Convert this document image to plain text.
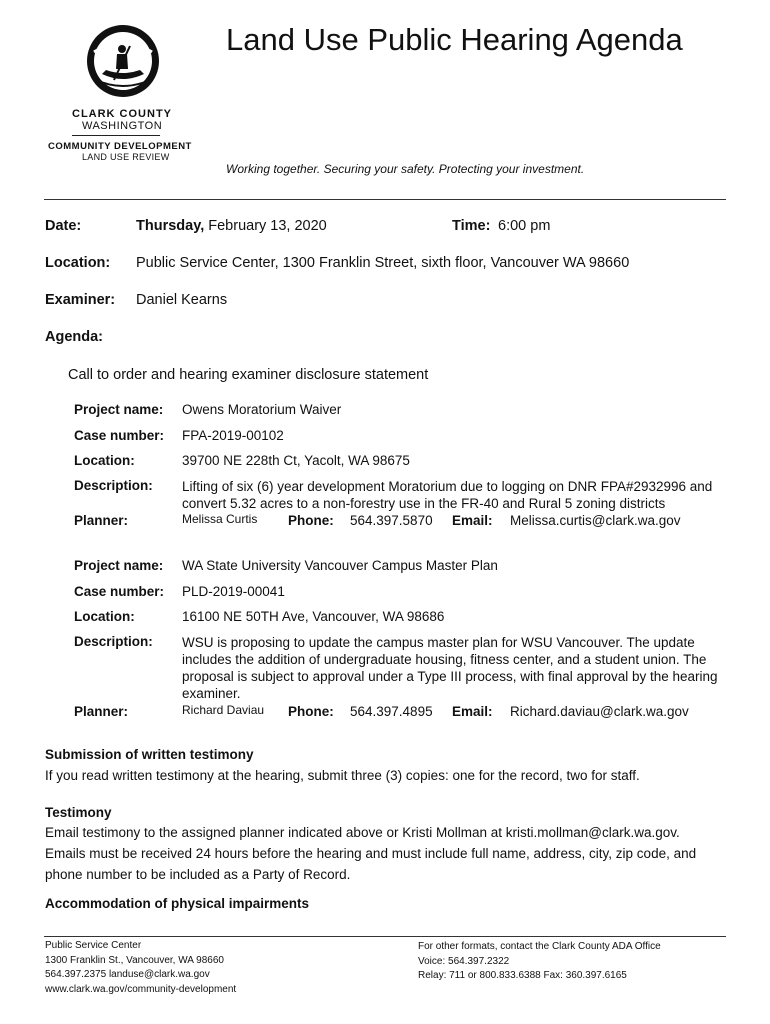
CLARK COUNTY
WASHINGTON
COMMUNITY DEVELOPMENT
LAND USE REVIEW
Land Use Public Hearing Agenda
Working together. Securing your safety. Protecting your investment.
Date:	Thursday, February 13, 2020	Time: 6:00 pm
Location: Public Service Center, 1300 Franklin Street, sixth floor, Vancouver WA 98660
Examiner: Daniel Kearns
Agenda:
Call to order and hearing examiner disclosure statement
Project name: Owens Moratorium Waiver
Case number: FPA-2019-00102
Location:	39700 NE 228th Ct, Yacolt, WA 98675
Description: Lifting of six (6) year development Moratorium due to logging on DNR FPA#2932996 and convert 5.32 acres to a non-forestry use in the FR-40 and Rural 5 zoning districts
Planner:	Melissa Curtis Phone: 564.397.5870 Email: Melissa.curtis@clark.wa.gov
Project name: WA State University Vancouver Campus Master Plan
Case number: PLD-2019-00041
Location:	16100 NE 50TH Ave, Vancouver, WA 98686
Description: WSU is proposing to update the campus master plan for WSU Vancouver. The update includes the addition of undergraduate housing, fitness center, and a student union. The proposal is subject to approval under a Type III process, with final approval by the hearing examiner.
Planner:	Richard Daviau Phone: 564.397.4895 Email: Richard.daviau@clark.wa.gov
Submission of written testimony
If you read written testimony at the hearing, submit three (3) copies: one for the record, two for staff.
Testimony
Email testimony to the assigned planner indicated above or Kristi Mollman at kristi.mollman@clark.wa.gov. Emails must be received 24 hours before the hearing and must include full name, address, city, zip code, and phone number to be included as a Party of Record.
Accommodation of physical impairments
Public Service Center
1300 Franklin St., Vancouver, WA 98660
564.397.2375 landuse@clark.wa.gov
www.clark.wa.gov/community-development
For other formats, contact the Clark County ADA Office
Voice: 564.397.2322
Relay: 711 or 800.833.6388 Fax: 360.397.6165
